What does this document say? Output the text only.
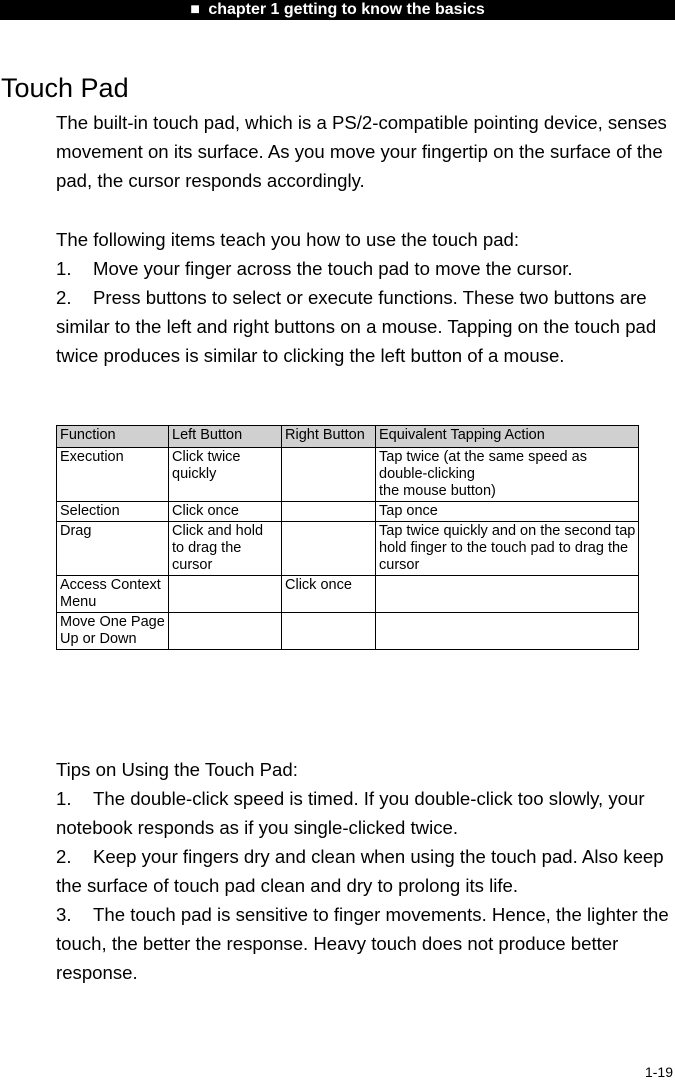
■ chapter 1 getting to know the basics
Touch Pad

The built-in touch pad, which is a PS/2-compatible pointing device, senses movement on its surface. As you move your fingertip on the surface of the pad, the cursor responds accordingly.

The following items teach you how to use the touch pad:

1. Move your finger across the touch pad to move the cursor.

2. Press buttons to select or execute functions. These two buttons are similar to the left and right buttons on a mouse. Tapping on the touch pad twice produces is similar to clicking the left button of a mouse.

Function	Left Button	Right Button	Equivalent Tapping Action
Execution	Click twice quickly		Tap twice (at the same speed as double-clicking
the mouse button)
Selection	Click once		Tap once
Drag	Click and hold to drag the cursor		Tap twice quickly and on the second tap hold finger to the touch pad to drag the cursor
Access Context Menu		Click once	
Move One Page Up or Down			

Tips on Using the Touch Pad:

1. The double-click speed is timed. If you double-click too slowly, your notebook responds as if you single-clicked twice.

2. Keep your fingers dry and clean when using the touch pad. Also keep the surface of touch pad clean and dry to prolong its life.

3. The touch pad is sensitive to finger movements. Hence, the lighter the touch, the better the response. Heavy touch does not produce better response.

1-19
